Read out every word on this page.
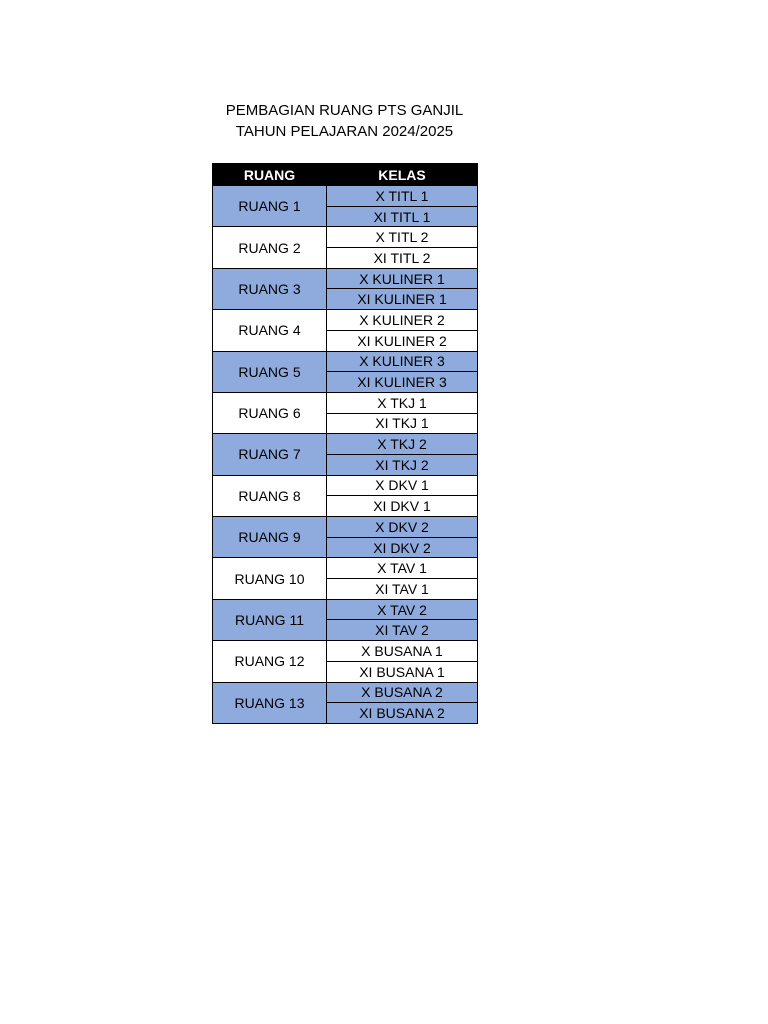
PEMBAGIAN RUANG PTS GANJIL
TAHUN PELAJARAN 2024/2025
RUANG	KELAS
RUANG 1	X TITL 1
	XI TITL 1
RUANG 2	X TITL 2
	XI TITL 2
RUANG 3	X KULINER 1
	XI KULINER 1
RUANG 4	X KULINER 2
	XI KULINER 2
RUANG 5	X KULINER 3
	XI KULINER 3
RUANG 6	X TKJ 1
	XI TKJ 1
RUANG 7	X TKJ 2
	XI TKJ 2
RUANG 8	X DKV 1
	XI DKV 1
RUANG 9	X DKV 2
	XI DKV 2
RUANG 10	X TAV 1
	XI TAV 1
RUANG 11	X TAV 2
	XI TAV 2
RUANG 12	X BUSANA 1
	XI BUSANA 1
RUANG 13	X BUSANA 2
	XI BUSANA 2
